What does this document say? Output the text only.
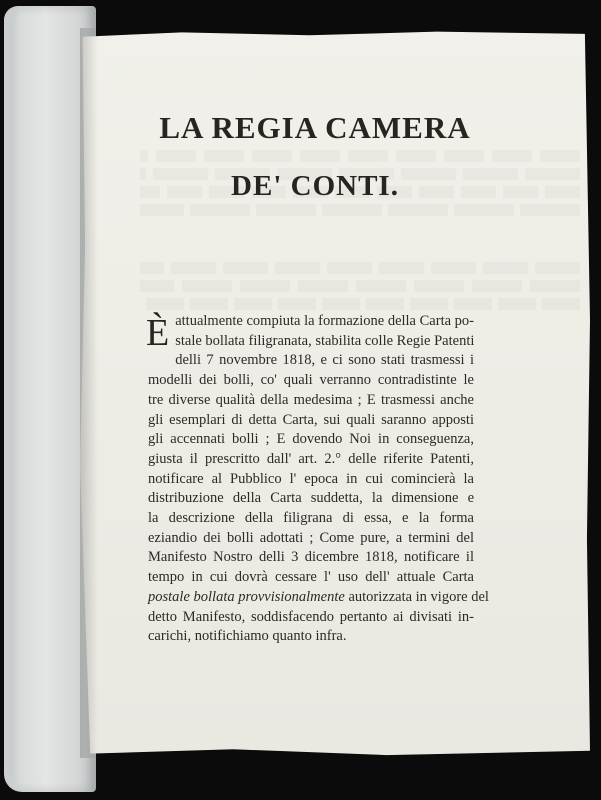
LA REGIA CAMERA
DE' CONTI.
È attualmente compiuta la formazione della Carta po-
stale bollata filigranata, stabilita colle Regie Patenti
delli 7 novembre 1818, e ci sono stati trasmessi i
modelli dei bolli, co' quali verranno contradistinte le
tre diverse qualità della medesima ; E trasmessi anche
gli esemplari di detta Carta, sui quali saranno apposti
gli accennati bolli ; E dovendo Noi in conseguenza,
giusta il prescritto dall' art. 2.° delle riferite Patenti,
notificare al Pubblico l' epoca in cui comincierà la
distribuzione della Carta suddetta, la dimensione e
la descrizione della filigrana di essa, e la forma
eziandio dei bolli adottati ; Come pure, a termini del
Manifesto Nostro delli 3 dicembre 1818, notificare il
tempo in cui dovrà cessare l' uso dell' attuale Carta
postale bollata provvisionalmente autorizzata in vigore del
detto Manifesto, soddisfacendo pertanto ai divisati in-
carichi, notifichiamo quanto infra.
